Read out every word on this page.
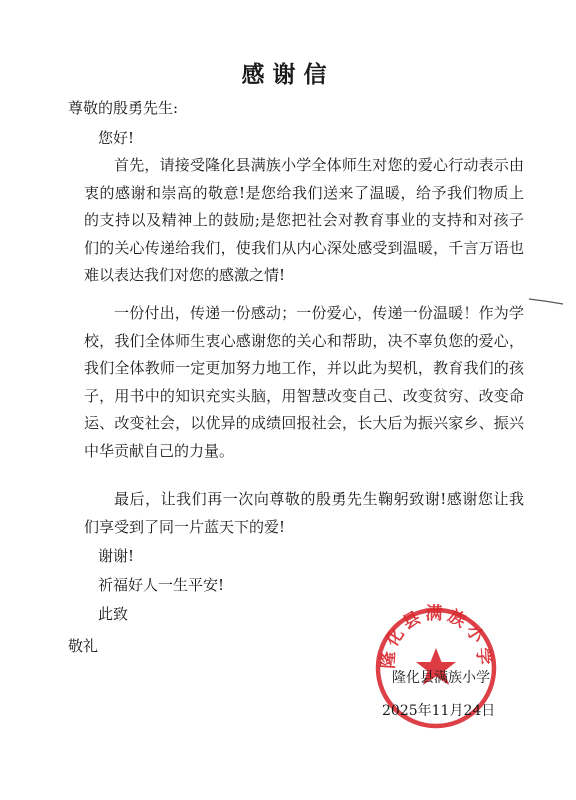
感谢信
尊敬的殷勇先生:
您好!
首先，请接受隆化县满族小学全体师生对您的爱心行动表示由衷的感谢和崇高的敬意!是您给我们送来了温暖，给予我们物质上的支持以及精神上的鼓励;是您把社会对教育事业的支持和对孩子们的关心传递给我们，使我们从内心深处感受到温暖，千言万语也难以表达我们对您的感激之情!
一份付出，传递一份感动；一份爱心，传递一份温暖！作为学校，我们全体师生衷心感谢您的关心和帮助，决不辜负您的爱心，我们全体教师一定更加努力地工作，并以此为契机，教育我们的孩子，用书中的知识充实头脑，用智慧改变自己、改变贫穷、改变命运、改变社会，以优异的成绩回报社会，长大后为振兴家乡、振兴中华贡献自己的力量。
最后，让我们再一次向尊敬的殷勇先生鞠躬致谢!感谢您让我们享受到了同一片蓝天下的爱!
谢谢!
祈福好人一生平安!
此致
敬礼
隆化县满族小学
隆化县满族小学
2025年11月24日
